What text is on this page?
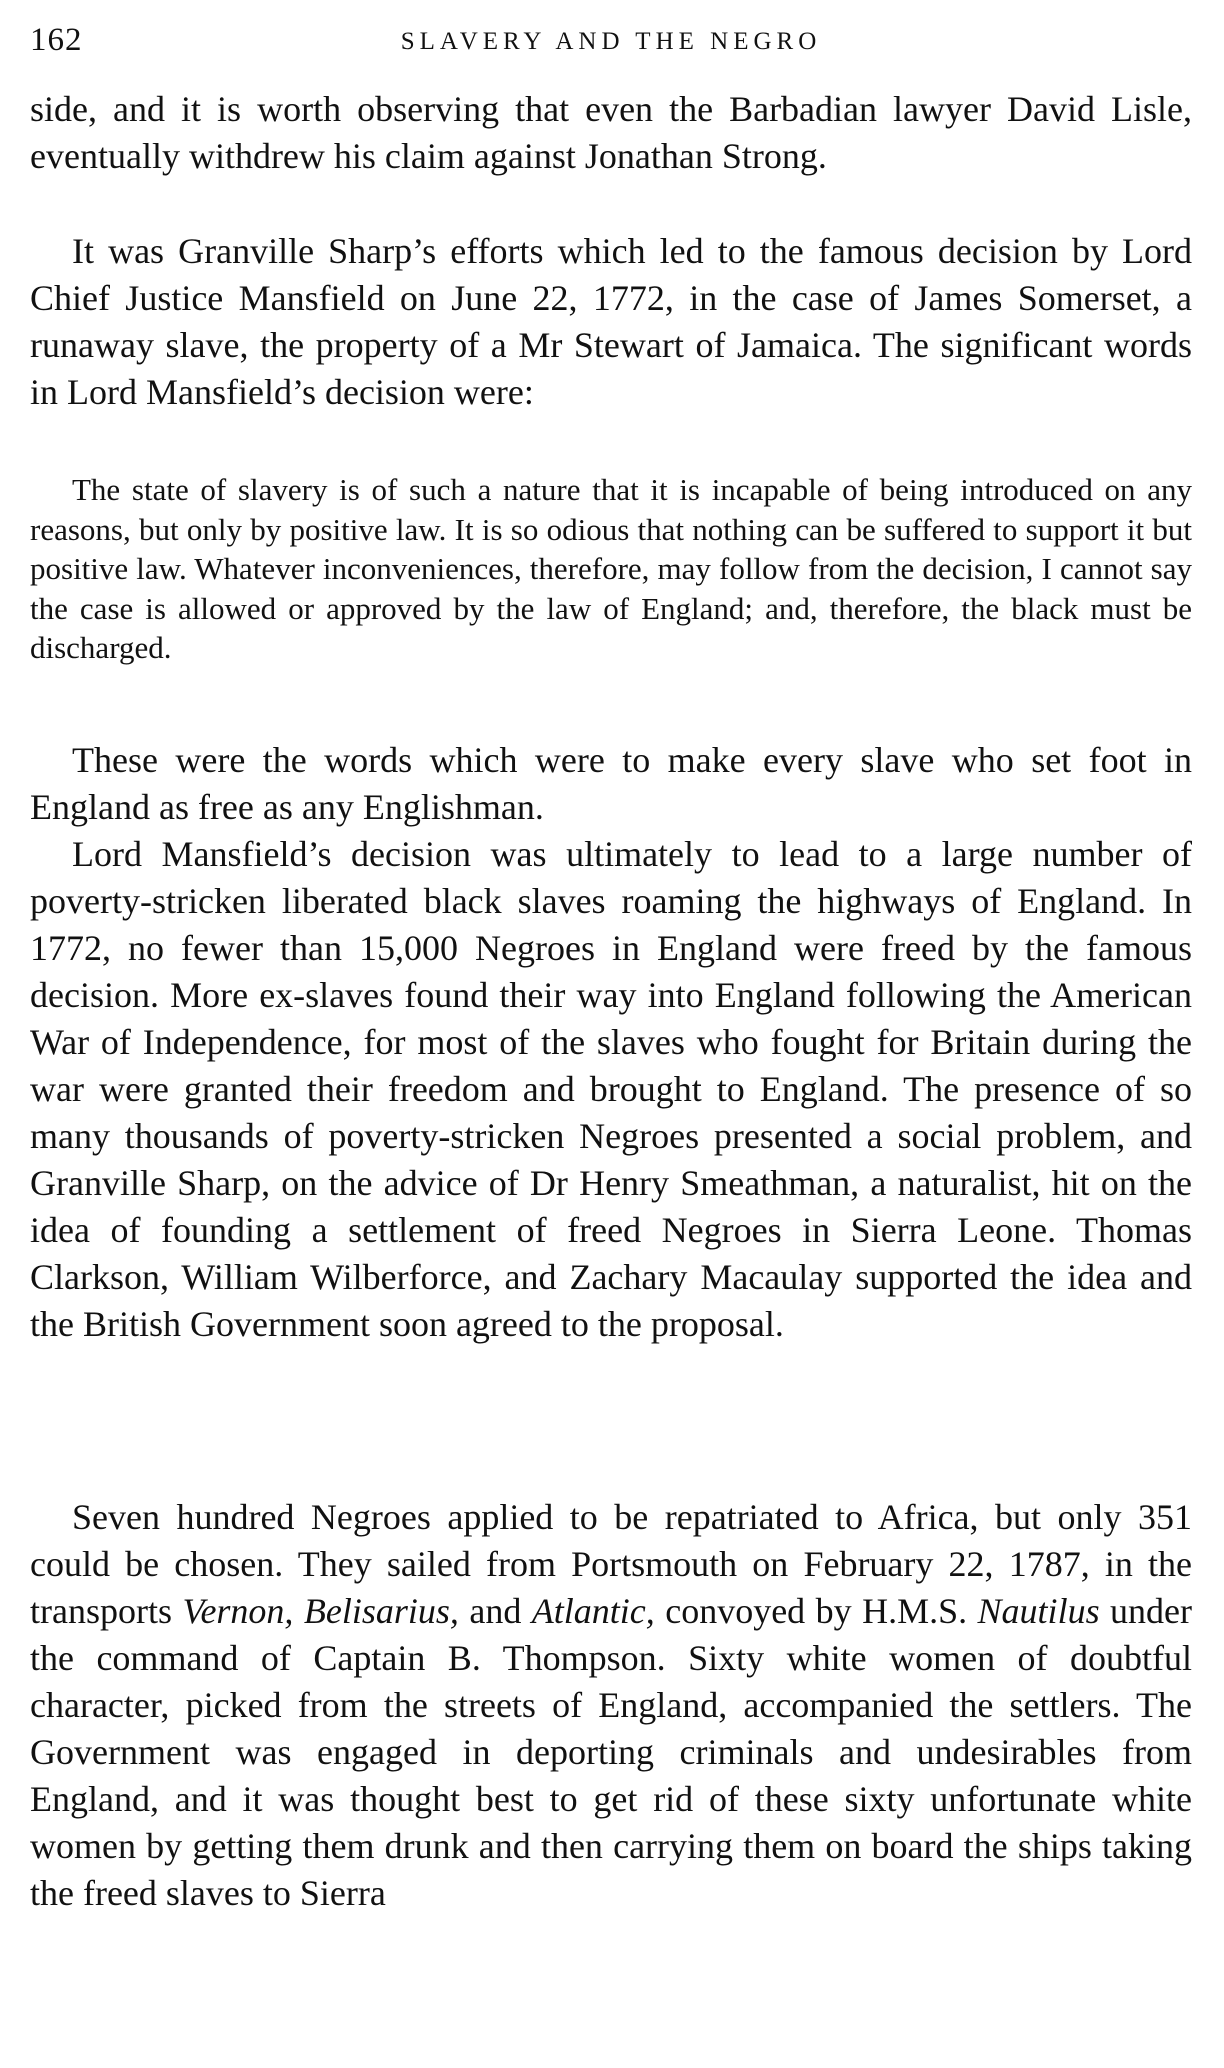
162	SLAVERY AND THE NEGRO

side, and it is worth observing that even the Barbadian lawyer David Lisle, eventually withdrew his claim against Jonathan Strong.

It was Granville Sharp’s efforts which led to the famous decision by Lord Chief Justice Mansfield on June 22, 1772, in the case of James Somerset, a runaway slave, the property of a Mr Stewart of Jamaica. The significant words in Lord Mansfield’s decision were:

The state of slavery is of such a nature that it is incapable of being introduced on any reasons, but only by positive law. It is so odious that nothing can be suffered to support it but positive law. Whatever inconveniences, therefore, may follow from the decision, I cannot say the case is allowed or approved by the law of England; and, therefore, the black must be discharged.

These were the words which were to make every slave who set foot in England as free as any Englishman.

Lord Mansfield’s decision was ultimately to lead to a large number of poverty-stricken liberated black slaves roaming the highways of England. In 1772, no fewer than 15,000 Negroes in England were freed by the famous decision. More ex-slaves found their way into England following the American War of Independence, for most of the slaves who fought for Britain during the war were granted their freedom and brought to England. The presence of so many thousands of poverty-stricken Negroes presented a social problem, and Granville Sharp, on the advice of Dr Henry Smeathman, a naturalist, hit on the idea of founding a settlement of freed Negroes in Sierra Leone. Thomas Clarkson, William Wilberforce, and Zachary Macaulay supported the idea and the British Government soon agreed to the proposal.

Seven hundred Negroes applied to be repatriated to Africa, but only 351 could be chosen. They sailed from Portsmouth on February 22, 1787, in the transports Vernon, Belisarius, and Atlantic, convoyed by H.M.S. Nautilus under the command of Captain B. Thompson. Sixty white women of doubtful character, picked from the streets of England, accompanied the settlers. The Government was engaged in deporting criminals and undesirables from England, and it was thought best to get rid of these sixty unfortunate white women by getting them drunk and then carrying them on board the ships taking the freed slaves to Sierra
